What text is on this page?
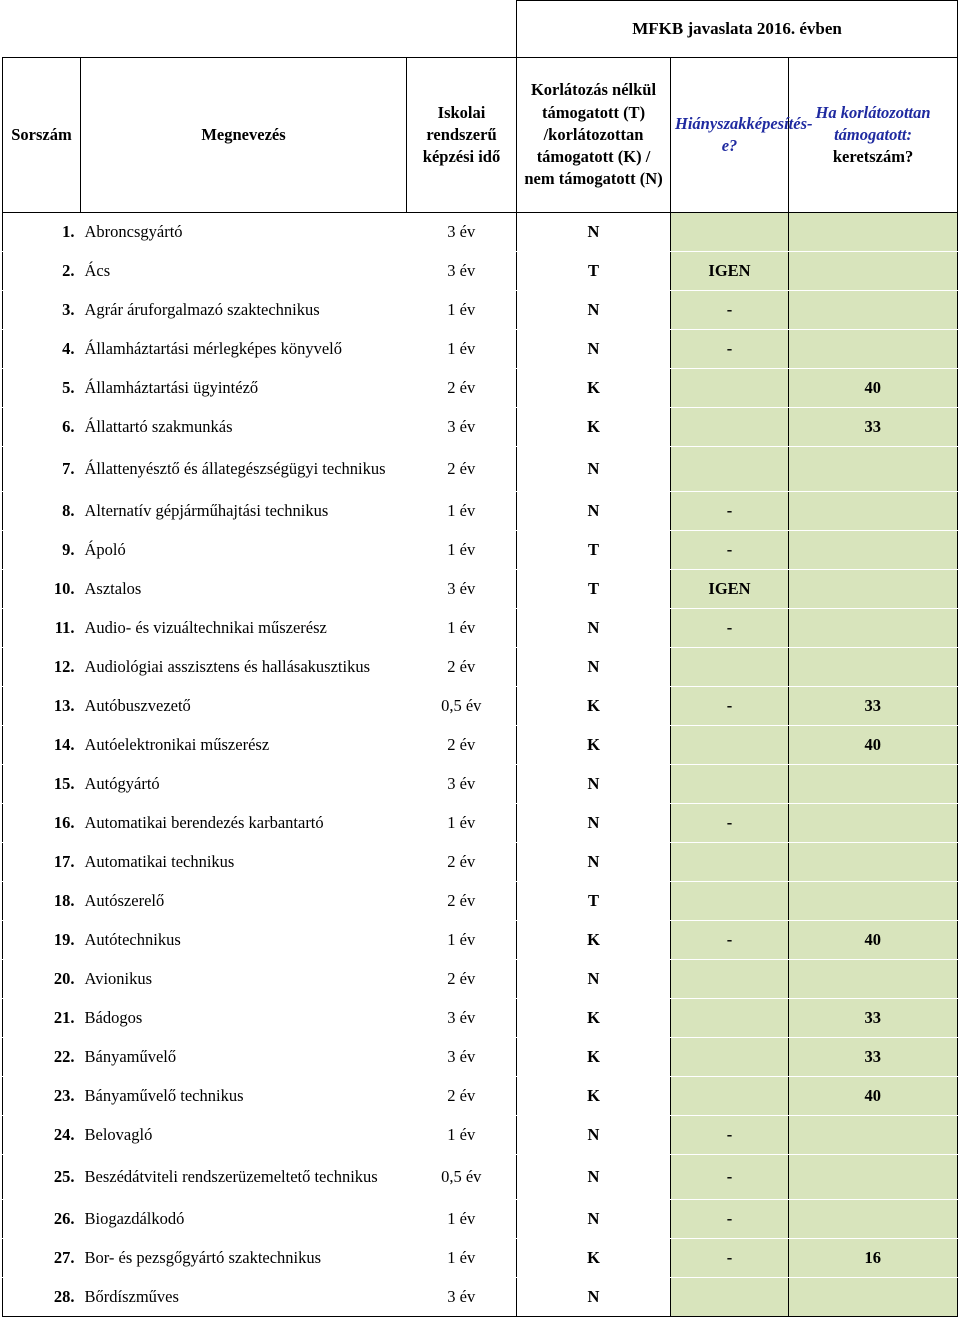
			MFKB javaslata 2016. évben		
Sorszám	Megnevezés	Iskolai rendszerű képzési idő	Korlátozás nélkül támogatott (T) /korlátozottan támogatott (K) / nem támogatott (N)	Hiányszakképesítés-e?	Ha korlátozottan támogatott:
keretszám?
1.	Abroncsgyártó	3 év	N		
2.	Ács	3 év	T	IGEN	
3.	Agrár áruforgalmazó szaktechnikus	1 év	N	-	
4.	Államháztartási mérlegképes könyvelő	1 év	N	-	
5.	Államháztartási ügyintéző	2 év	K		40
6.	Állattartó szakmunkás	3 év	K		33
7.	Állattenyésztő és állategészségügyi technikus	2 év	N		
8.	Alternatív gépjárműhajtási technikus	1 év	N	-	
9.	Ápoló	1 év	T	-	
10.	Asztalos	3 év	T	IGEN	
11.	Audio- és vizuáltechnikai műszerész	1 év	N	-	
12.	Audiológiai asszisztens és hallásakusztikus	2 év	N		
13.	Autóbuszvezető	0,5 év	K	-	33
14.	Autóelektronikai műszerész	2 év	K		40
15.	Autógyártó	3 év	N		
16.	Automatikai berendezés karbantartó	1 év	N	-	
17.	Automatikai technikus	2 év	N		
18.	Autószerelő	2 év	T		
19.	Autótechnikus	1 év	K	-	40
20.	Avionikus	2 év	N		
21.	Bádogos	3 év	K		33
22.	Bányaművelő	3 év	K		33
23.	Bányaművelő technikus	2 év	K		40
24.	Belovagló	1 év	N	-	
25.	Beszédátviteli rendszerüzemeltető technikus	0,5 év	N	-	
26.	Biogazdálkodó	1 év	N	-	
27.	Bor- és pezsgőgyártó szaktechnikus	1 év	K	-	16
28.	Bőrdíszműves	3 év	N		
